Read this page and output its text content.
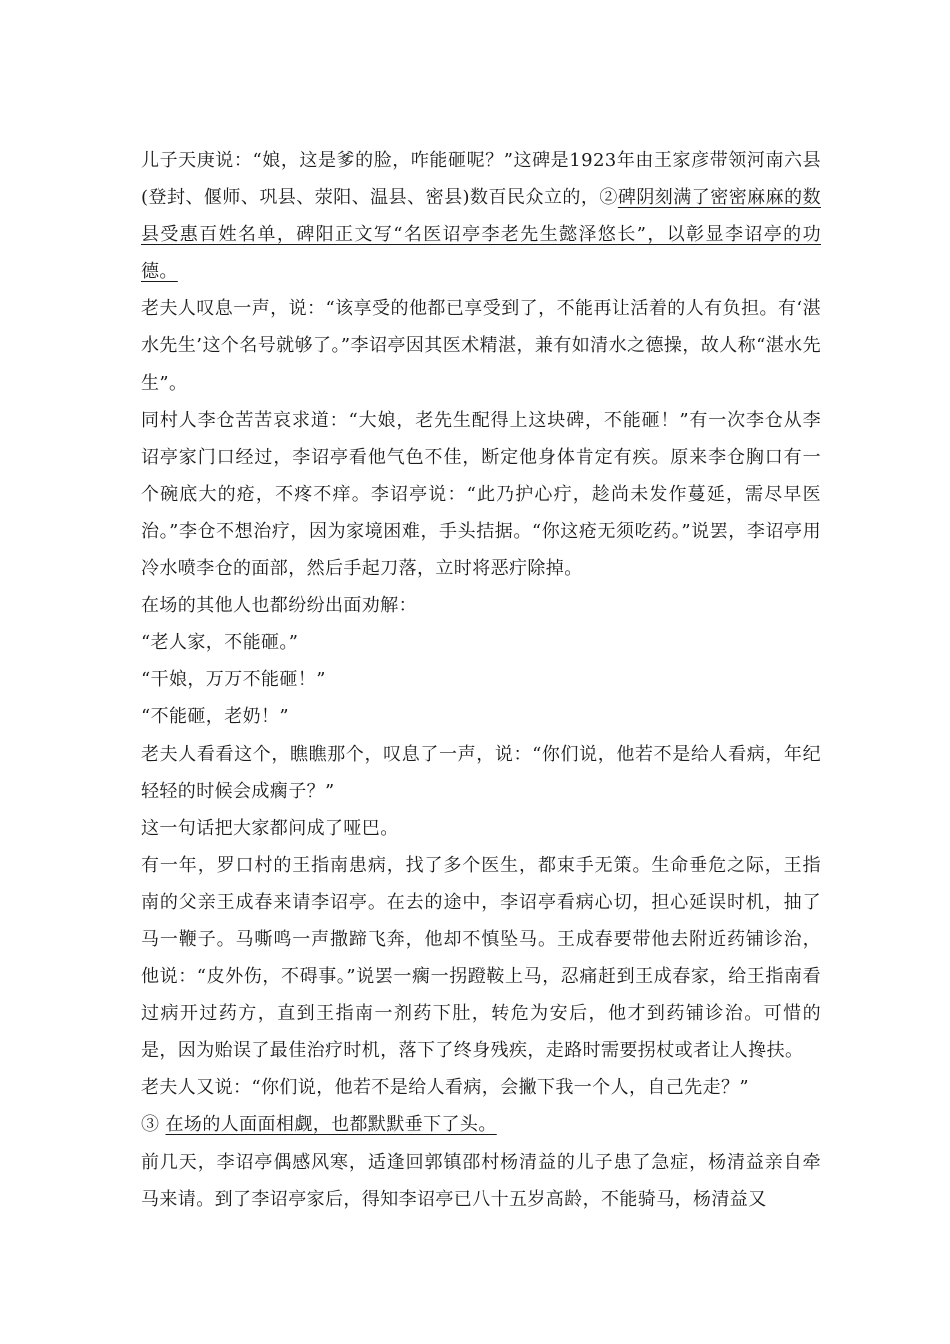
儿子天庚说：“娘，这是爹的脸，咋能砸呢？”这碑是1923年由王家彦带领河南六县(登封、偃师、巩县、荥阳、温县、密县)数百民众立的，②碑阴刻满了密密麻麻的数县受惠百姓名单，碑阳正文写“名医诏亭李老先生懿泽悠长”，以彰显李诏亭的功德。

老夫人叹息一声，说：“该享受的他都已享受到了，不能再让活着的人有负担。有‘湛水先生’这个名号就够了。”李诏亭因其医术精湛，兼有如清水之德操，故人称“湛水先生”。

同村人李仓苦苦哀求道：“大娘，老先生配得上这块碑，不能砸！”有一次李仓从李诏亭家门口经过，李诏亭看他气色不佳，断定他身体肯定有疾。原来李仓胸口有一个碗底大的疮，不疼不痒。李诏亭说：“此乃护心疔，趁尚未发作蔓延，需尽早医治。”李仓不想治疗，因为家境困难，手头拮据。“你这疮无须吃药。”说罢，李诏亭用冷水喷李仓的面部，然后手起刀落，立时将恶疔除掉。

在场的其他人也都纷纷出面劝解：

“老人家，不能砸。”

“干娘，万万不能砸！”

“不能砸，老奶！”

老夫人看看这个，瞧瞧那个，叹息了一声，说：“你们说，他若不是给人看病，年纪轻轻的时候会成瘸子？”

这一句话把大家都问成了哑巴。

有一年，罗口村的王指南患病，找了多个医生，都束手无策。生命垂危之际，王指南的父亲王成春来请李诏亭。在去的途中，李诏亭看病心切，担心延误时机，抽了马一鞭子。马嘶鸣一声撒蹄飞奔，他却不慎坠马。王成春要带他去附近药铺诊治，他说：“皮外伤，不碍事。”说罢一瘸一拐蹬鞍上马，忍痛赶到王成春家，给王指南看过病开过药方，直到王指南一剂药下肚，转危为安后，他才到药铺诊治。可惜的是，因为贻误了最佳治疗时机，落下了终身残疾，走路时需要拐杖或者让人搀扶。

老夫人又说：“你们说，他若不是给人看病，会撇下我一个人，自己先走？”

③ 在场的人面面相觑，也都默默垂下了头。

前几天，李诏亭偶感风寒，适逢回郭镇邵村杨清益的儿子患了急症，杨清益亲自牵马来请。到了李诏亭家后，得知李诏亭已八十五岁高龄，不能骑马，杨清益又
